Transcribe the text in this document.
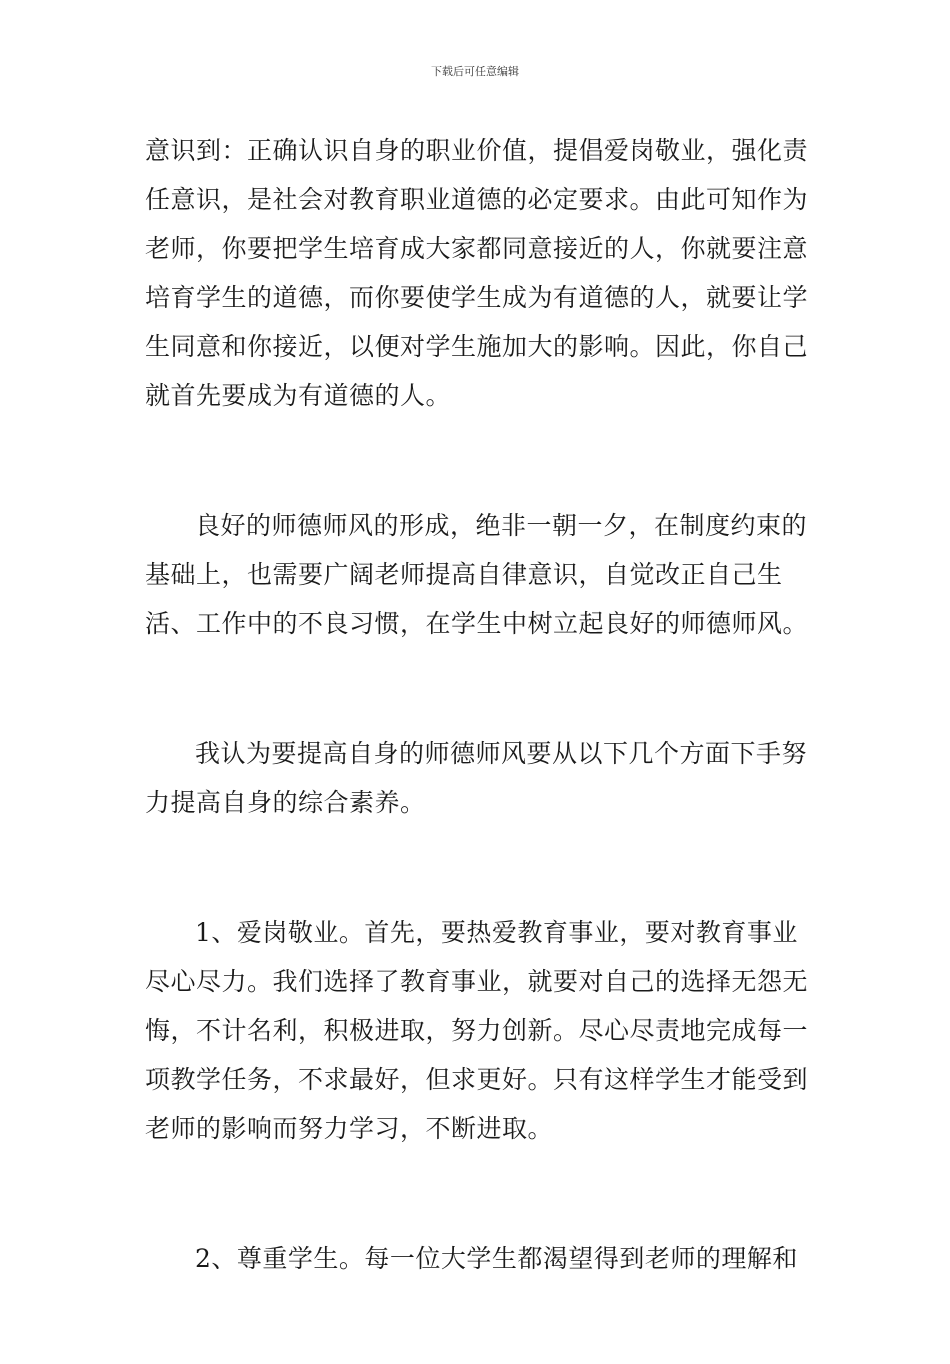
下载后可任意编辑

意识到：正确认识自身的职业价值，提倡爱岗敬业，强化责任意识，是社会对教育职业道德的必定要求。由此可知作为老师，你要把学生培育成大家都同意接近的人，你就要注意培育学生的道德，而你要使学生成为有道德的人，就要让学生同意和你接近，以便对学生施加大的影响。因此，你自己就首先要成为有道德的人。

良好的师德师风的形成，绝非一朝一夕，在制度约束的基础上，也需要广阔老师提高自律意识，自觉改正自己生活、工作中的不良习惯，在学生中树立起良好的师德师风。

我认为要提高自身的师德师风要从以下几个方面下手努力提高自身的综合素养。

1、爱岗敬业。首先，要热爱教育事业，要对教育事业尽心尽力。我们选择了教育事业，就要对自己的选择无怨无悔，不计名利，积极进取，努力创新。尽心尽责地完成每一项教学任务，不求最好，但求更好。只有这样学生才能受到　老师的影响而努力学习，不断进取。

2、尊重学生。每一位大学生都渴望得到老师的理解和
